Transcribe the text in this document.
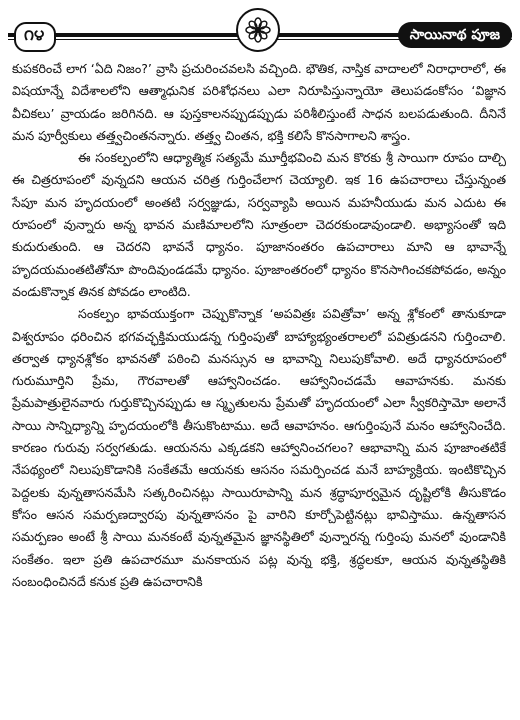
౧౪	సాయినాథ పూజ

కుపకరించే లాగ ‘ఏది నిజం?’ వ్రాసి ప్రచురించవలసి వచ్చింది. భౌతిక, నాస్తిక వాదాలలో నిరాధారాలో, ఈ విషయాన్నే విదేశాలలోని ఆత్మాధునిక పరిశోధనలు ఎలా నిరూపిస్తున్నాయో తెలుపడంకోసం ‘విజ్ఞాన వీచికలు’ వ్రాయడం జరిగినది. ఆ పుస్తకాలనప్పుడప్పుడు పరిశీలిస్తుంటే సాధన బలపడుతుంది. దీనినే మన పూర్వీకులు తత్త్వచింతనన్నారు. తత్త్వ చింతన, భక్తి కలిసే కొనసాగాలని శాస్త్రం.

ఈ సంకల్పంలోని ఆధ్యాత్మిక సత్యమే మూర్తీభవించి మన కొరకు శ్రీ సాయిగా రూపం దాల్చి ఈ చిత్రరూపంలో వున్నదని ఆయన చరిత్ర గుర్తించేలాగ చెయ్యాలి. ఇక 16 ఉపచారాలు చేస్తున్నంత సేపూ మన హృదయంలో అంతటి సర్వజ్ఞుడు, సర్వవ్యాపి అయిన మహనీయుడు మన ఎదుట ఈ రూపంలో వున్నారు అన్న భావన మణిమాలలోని సూత్రంలా చెదరకుండావుండాలి. అభ్యాసంతో ఇది కుదురుతుంది. ఆ చెదరని భావనే ధ్యానం. పూజానంతరం ఉపచారాలు మాని ఆ భావాన్నే హృదయమంతటితోనూ పొందివుండడమే ధ్యానం. పూజాంతరంలో ధ్యానం కొనసాగించకపోవడం, అన్నం వండుకొన్నాక తినక పోవడం లాంటిది.

సంకల్పం భావయుక్తంగా చెప్పుకొన్నాక ‘అపవిత్రః పవిత్రోవా’ అన్న శ్లోకంలో తానుకూడా విశ్వరూపం ధరించిన భగవచ్ఛక్తిమయుడన్న గుర్తింపుతో బాహ్యాభ్యంతరాలలో పవిత్రుడనని గుర్తించాలి. తర్వాత ధ్యానశ్లోకం భావనతో పఠించి మనస్సున ఆ భావాన్ని నిలుపుకోవాలి. అదే ధ్యానరూపంలో గురుమూర్తిని ప్రేమ, గౌరవాలతో ఆహ్వానించడం. ఆహ్వానించడమే ఆవాహనకు. మనకు ప్రేమపాత్రులైనవారు గుర్తుకొచ్చినప్పుడు ఆ స్మృతులను ప్రేమతో హృదయంలో ఎలా స్వీకరిస్తామో అలానే సాయి సాన్నిధ్యాన్ని హృదయంలోకి తీసుకొంటాము. అదే ఆవాహనం. ఆగుర్తింపునే మనం ఆహ్వానించేది. కారణం గురువు సర్వగతుడు. ఆయనను ఎక్కడకని ఆహ్వానించగలం? ఆభావాన్ని మన పూజాంతటికే నేపథ్యంలో నిలుపుకొడానికి సంకేతమే ఆయనకు ఆసనం సమర్పించడ మనే బాహ్యక్రియ. ఇంటికొచ్చిన పెద్దలకు వున్నతాసనమేసి సత్కరించినట్లు సాయిరూపాన్ని మన శ్రద్ధాపూర్వమైన దృష్టిలోకి తీసుకొడం కోసం ఆసన సమర్పణద్వారపు వున్నతాసనం పై వారిని కూర్చోపెట్టినట్లు భావిస్తాము. ఉన్నతాసన సమర్పణం అంటే శ్రీ సాయి మనకంటే వున్నతమైన జ్ఞానస్థితిలో వున్నారన్న గుర్తింపు మనలో వుండానికి సంకేతం. ఇలా ప్రతి ఉపచారమూ మనకాయన పట్ల వున్న భక్తి, శ్రద్ధలకూ, ఆయన వున్నతస్థితికి సంబంధించినదే కనుక ప్రతి ఉపచారానికి
